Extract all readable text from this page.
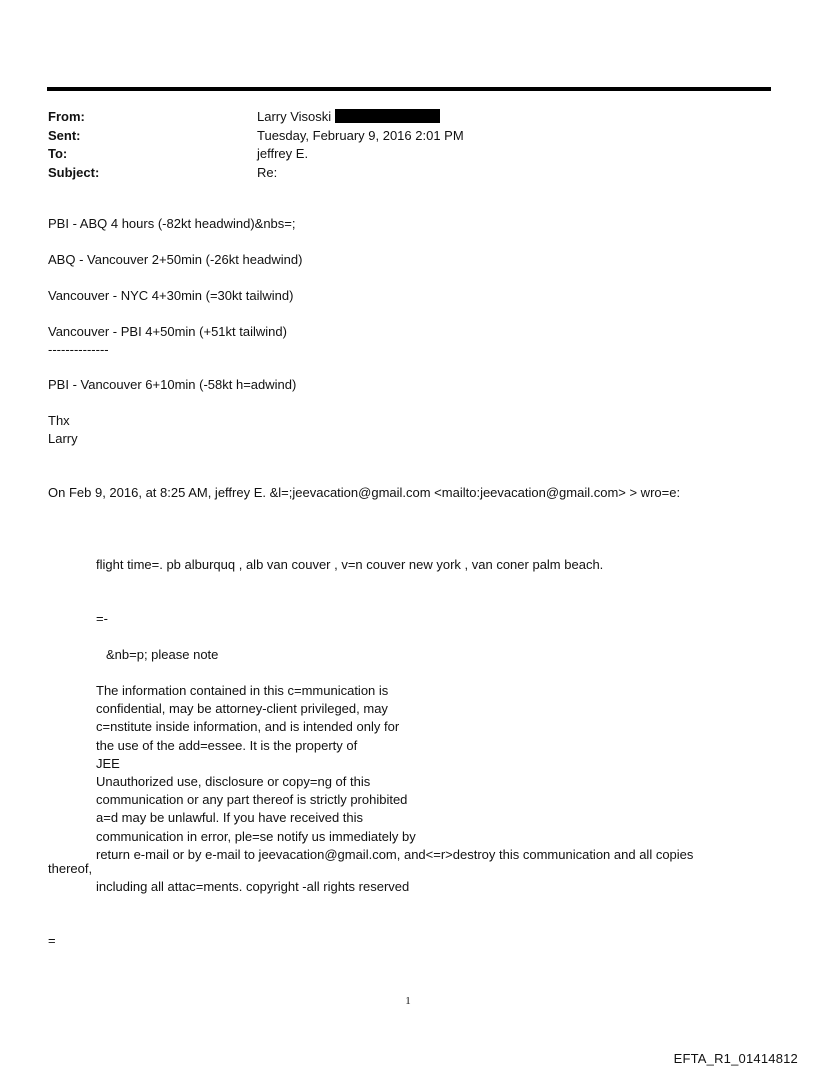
From:	Larry Visoski
Sent:	Tuesday, February 9, 2016 2:01 PM
To:	jeffrey E.
Subject:	Re:
PBI - ABQ 4 hours (-82kt headwind)&nbs=;
ABQ - Vancouver 2+50min (-26kt headwind)
Vancouver - NYC 4+30min (=30kt tailwind)
Vancouver - PBI 4+50min (+51kt tailwind)
--------------
PBI - Vancouver 6+10min (-58kt h=adwind)
Thx
Larry
On Feb 9, 2016, at 8:25 AM, jeffrey E. &l=;jeevacation@gmail.com <mailto:jeevacation@gmail.com> > wro=e:
flight time=. pb alburquq , alb van couver , v=n couver new york , van coner palm beach.
=-
&nb=p; please note
The information contained in this c=mmunication is
confidential, may be attorney-client privileged, may
c=nstitute inside information, and is intended only for
the use of the add=essee. It is the property of
JEE
Unauthorized use, disclosure or copy=ng of this
communication or any part thereof is strictly prohibited
a=d may be unlawful. If you have received this
communication in error, ple=se notify us immediately by
return e-mail or by e-mail to jeevacation@gmail.com, and<=r>destroy this communication and all copies
thereof,
including all attac=ments. copyright -all rights reserved
=
1
EFTA_R1_01414812
